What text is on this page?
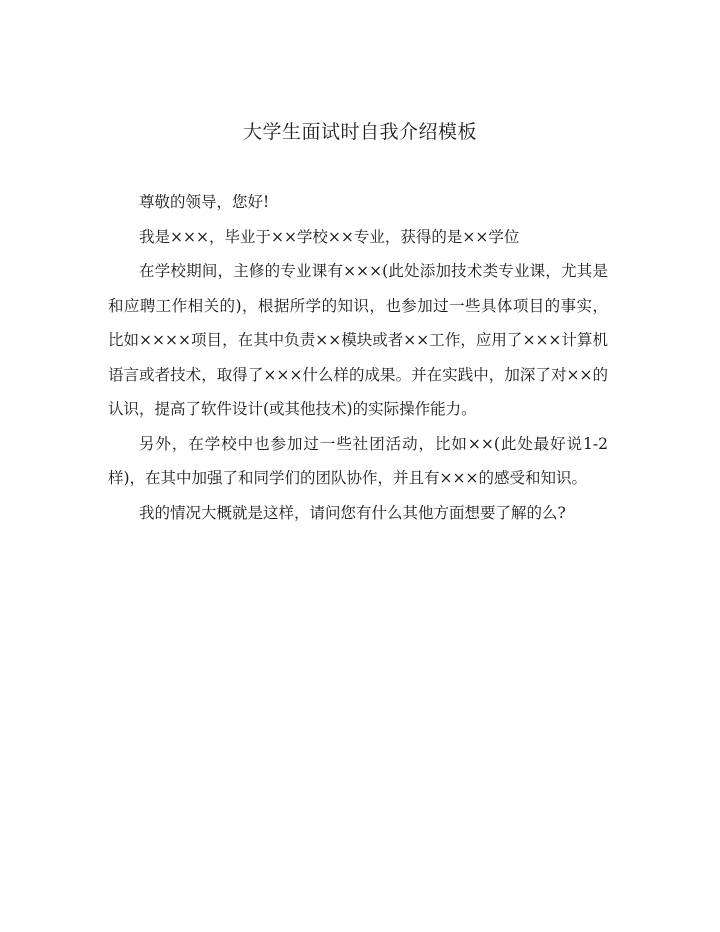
大学生面试时自我介绍模板

尊敬的领导，您好!

我是×××，毕业于××学校××专业，获得的是××学位

在学校期间，主修的专业课有×××(此处添加技术类专业课，尤其是和应聘工作相关的)，根据所学的知识，也参加过一些具体项目的事实，比如××××项目，在其中负责××模块或者××工作，应用了×××计算机语言或者技术，取得了×××什么样的成果。并在实践中，加深了对××的认识，提高了软件设计(或其他技术)的实际操作能力。

另外，在学校中也参加过一些社团活动，比如××(此处最好说1-2样)，在其中加强了和同学们的团队协作，并且有×××的感受和知识。

我的情况大概就是这样，请问您有什么其他方面想要了解的么?
